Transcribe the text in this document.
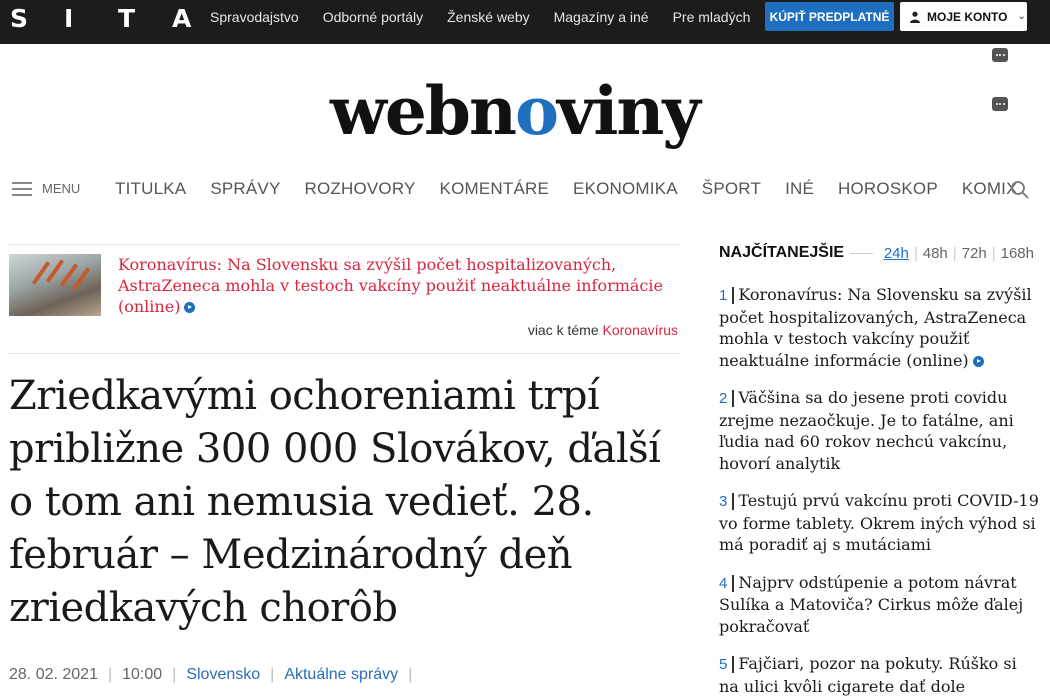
S	I	T	A	Spravodajstvo Odborné portály Ženské weby Magazíny a iné Pre mladých	KÚPIŤ PREDPLATNÉ	MOJE KONTO ⌄
webnoviny
MENU TITULKA SPRÁVY ROZHOVORY KOMENTÁRE EKONOMIKA ŠPORT INÉ HOROSKOP KOMIX
Koronavírus: Na Slovensku sa zvýšil počet hospitalizovaných, AstraZeneca mohla v testoch vakcíny použiť neaktuálne informácie (online)
viac k téme Koronavírus
Zriedkavými ochoreniami trpí približne 300 000 Slovákov, ďalší o tom ani nemusia vedieť. 28. február – Medzinárodný deň zriedkavých chorôb
28. 02. 2021 | 10:00 | Slovensko | Aktuálne správy |
NAJČÍTANEJŠIE	24h | 48h | 72h | 168h
1 Koronavírus: Na Slovensku sa zvýšil počet hospitalizovaných, AstraZeneca mohla v testoch vakcíny použiť neaktuálne informácie (online)
2 Väčšina sa do jesene proti covidu zrejme nezaočkuje. Je to fatálne, ani ľudia nad 60 rokov nechcú vakcínu, hovorí analytik
3 Testujú prvú vakcínu proti COVID-19 vo forme tablety. Okrem iných výhod si má poradiť aj s mutáciami
4 Najprv odstúpenie a potom návrat Sulíka a Matoviča? Cirkus môže ďalej pokračovať
5 Fajčiari, pozor na pokuty. Rúško si na ulici kvôli cigarete dať dole
